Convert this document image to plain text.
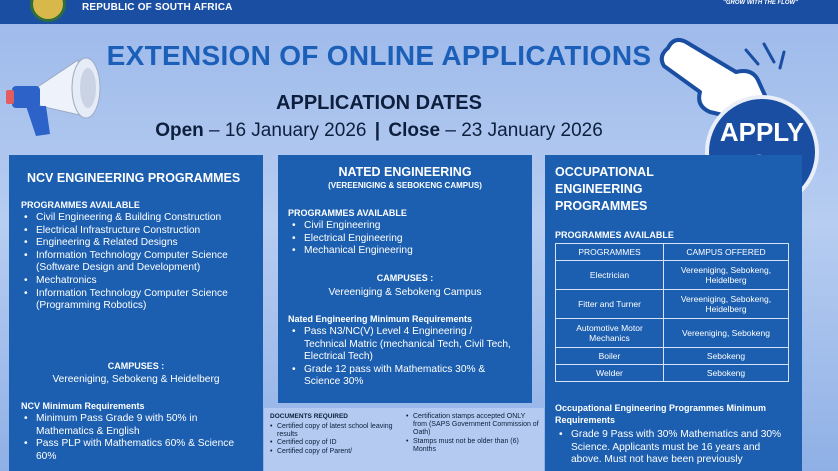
REPUBLIC OF SOUTH AFRICA	"GROW WITH THE FLOW"
EXTENSION OF ONLINE APPLICATIONS
APPLICATION DATES
Open – 16 January 2026 | Close – 23 January 2026	APPLY
NCV ENGINEERING PROGRAMMES
PROGRAMMES AVAILABLE
• Civil Engineering & Building Construction
• Electrical Infrastructure Construction
• Engineering & Related Designs
• Information Technology Computer Science (Software Design and Development)
• Mechatronics
• Information Technology Computer Science (Programming Robotics)
CAMPUSES :
Vereeniging, Sebokeng & Heidelberg
NCV Minimum Requirements
• Minimum Pass Grade 9 with 50% in Mathematics & English
• Pass PLP with Mathematics 60% & Science 60%
NATED ENGINEERING
(VEREENIGING & SEBOKENG CAMPUS)
PROGRAMMES AVAILABLE
• Civil Engineering
• Electrical Engineering
• Mechanical Engineering
CAMPUSES :
Vereeniging & Sebokeng Campus
Nated Engineering Minimum Requirements
• Pass N3/NC(V) Level 4 Engineering / Technical Matric (mechanical Tech, Civil Tech, Electrical Tech)
• Grade 12 pass with Mathematics 30% & Science 30%
DOCUMENTS REQUIRED
• Certified copy of latest school leaving results
• Certified copy of ID
• Certified copy of Parent/
• Certification stamps accepted ONLY from (SAPS Government Commission of Oath)
• Stamps must not be older than (6) Months
OCCUPATIONAL ENGINEERING PROGRAMMES
PROGRAMMES AVAILABLE
PROGRAMMES	CAMPUS OFFERED
Electrician	Vereeniging, Sebokeng, Heidelberg
Fitter and Turner	Vereeniging, Sebokeng, Heidelberg
Automotive Motor Mechanics	Vereeniging, Sebokeng
Boiler	Sebokeng
Welder	Sebokeng
Occupational Engineering Programmes Minimum Requirements
• Grade 9 Pass with 30% Mathematics and 30% Science. Applicants must be 16 years and above. Must not have been previously
